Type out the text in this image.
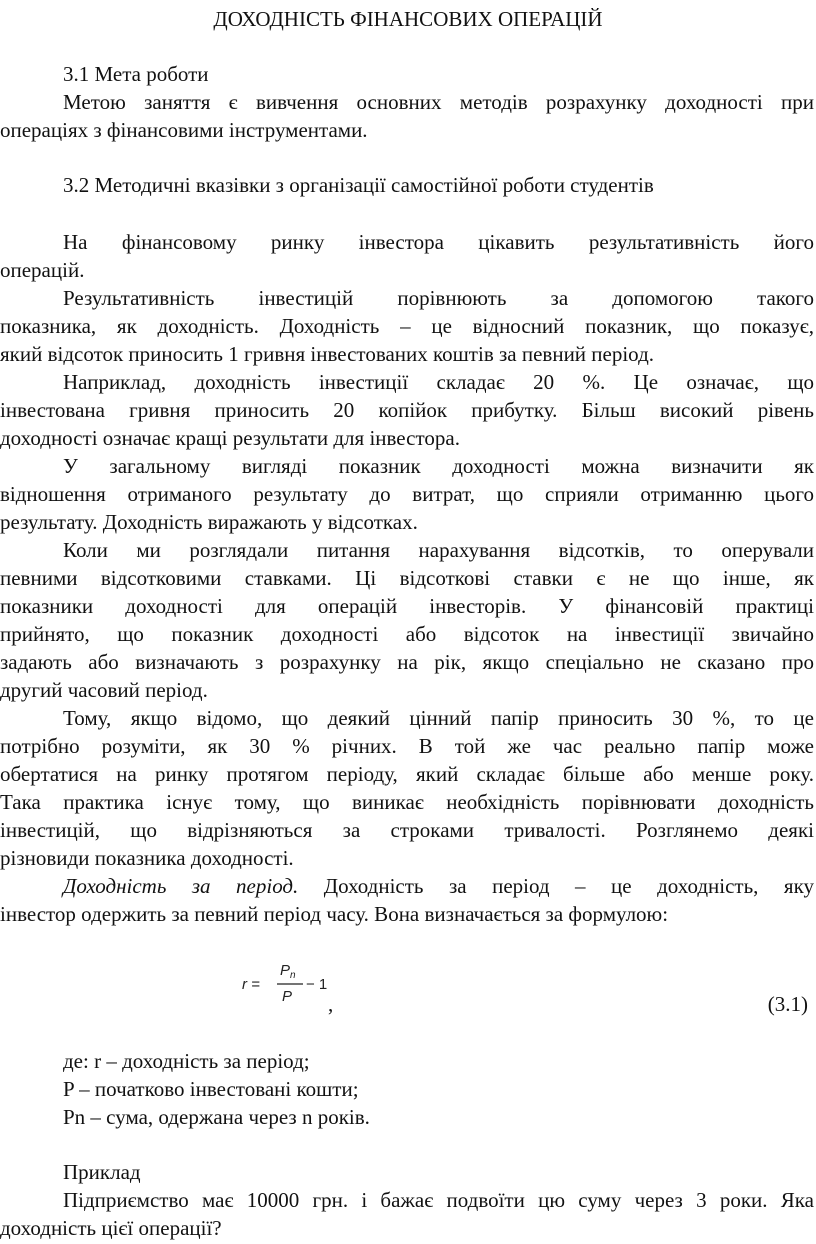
ДОХОДНІСТЬ ФІНАНСОВИХ ОПЕРАЦІЙ
3.1 Мета роботи
Метою заняття є вивчення основних методів розрахунку доходності при
операціях з фінансовими інструментами.
3.2 Методичні вказівки з організації самостійної роботи студентів
На фінансовому ринку інвестора цікавить результативність його
операцій.
Результативність інвестицій порівнюють за допомогою такого
показника, як доходність. Доходність – це відносний показник, що показує,
який відсоток приносить 1 гривня інвестованих коштів за певний період.
Наприклад, доходність інвестиції складає 20 %. Це означає, що
інвестована гривня приносить 20 копійок прибутку. Більш високий рівень
доходності означає кращі результати для інвестора.
У загальному вигляді показник доходності можна визначити як
відношення отриманого результату до витрат, що сприяли отриманню цього
результату. Доходність виражають у відсотках.
Коли ми розглядали питання нарахування відсотків, то оперували
певними відсотковими ставками. Ці відсоткові ставки є не що інше, як
показники доходності для операцій інвесторів. У фінансовій практиці
прийнято, що показник доходності або відсоток на інвестиції звичайно
задають або визначають з розрахунку на рік, якщо спеціально не сказано про
другий часовий період.
Тому, якщо відомо, що деякий цінний папір приносить 30 %, то це
потрібно розуміти, як 30 % річних. В той же час реально папір може
обертатися на ринку протягом періоду, який складає більше або менше року.
Така практика існує тому, що виникає необхідність порівнювати доходність
інвестицій, що відрізняються за строками тривалості. Розглянемо деякі
різновиди показника доходності.
Доходність за період. Доходність за період – це доходність, яку
інвестор одержить за певний період часу. Вона визначається за формулою:
r =
P n
P
− 1
,	(3.1)
де: r – доходність за період;
P – початково інвестовані кошти;
Pn – сума, одержана через n років.
Приклад
Підприємство має 10000 грн. і бажає подвоїти цю суму через 3 роки. Яка
доходність цієї операції?
